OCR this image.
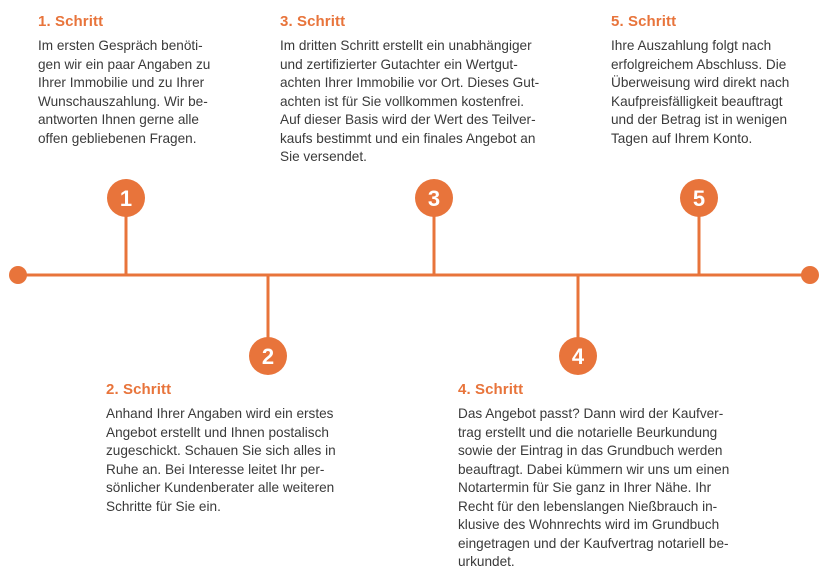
1
2
3
4
5
1. Schritt
Im ersten Gespräch benöti-
gen wir ein paar Angaben zu
Ihrer Immobilie und zu Ihrer
Wunschauszahlung. Wir be-
antworten Ihnen gerne alle
offen gebliebenen Fragen.
3. Schritt
Im dritten Schritt erstellt ein unabhängiger
und zertifizierter Gutachter ein Wertgut-
achten Ihrer Immobilie vor Ort. Dieses Gut-
achten ist für Sie vollkommen kostenfrei.
Auf dieser Basis wird der Wert des Teilver-
kaufs bestimmt und ein finales Angebot an
Sie versendet.
5. Schritt
Ihre Auszahlung folgt nach
erfolgreichem Abschluss. Die
Überweisung wird direkt nach
Kaufpreisfälligkeit beauftragt
und der Betrag ist in wenigen
Tagen auf Ihrem Konto.
2. Schritt
Anhand Ihrer Angaben wird ein erstes
Angebot erstellt und Ihnen postalisch
zugeschickt. Schauen Sie sich alles in
Ruhe an. Bei Interesse leitet Ihr per-
sönlicher Kundenberater alle weiteren
Schritte für Sie ein.
4. Schritt
Das Angebot passt? Dann wird der Kaufver-
trag erstellt und die notarielle Beurkundung
sowie der Eintrag in das Grundbuch werden
beauftragt. Dabei kümmern wir uns um einen
Notartermin für Sie ganz in Ihrer Nähe. Ihr
Recht für den lebenslangen Nießbrauch in-
klusive des Wohnrechts wird im Grundbuch
eingetragen und der Kaufvertrag notariell be-
urkundet.
